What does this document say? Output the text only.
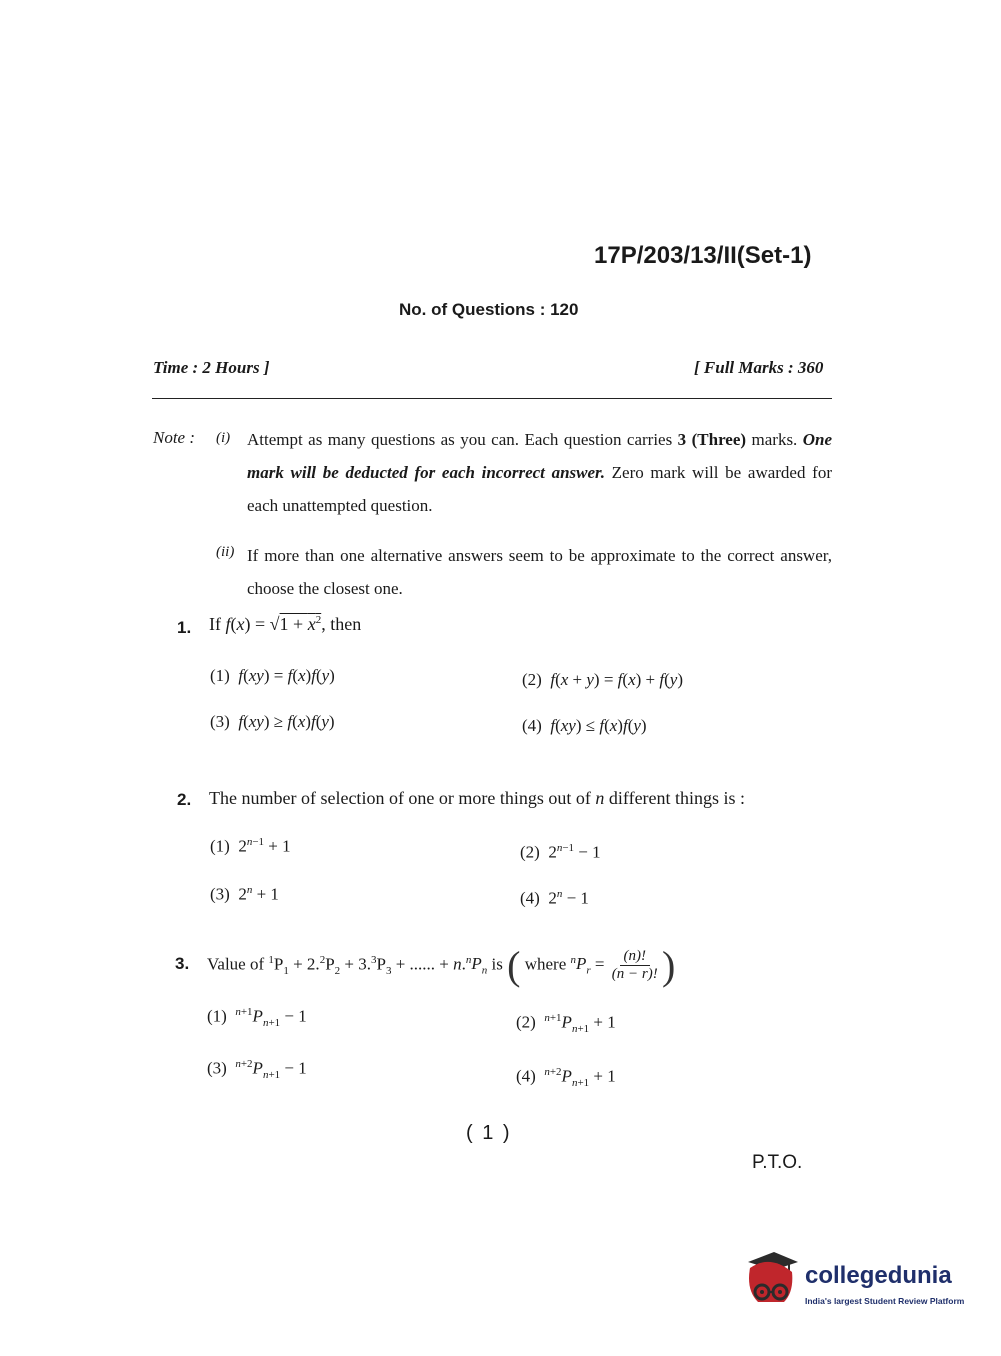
17P/203/13/II(Set-1)
No. of Questions : 120
Time : 2 Hours ]	[ Full Marks : 360
Note : (i) Attempt as many questions as you can. Each question carries 3 (Three) marks. One mark will be deducted for each incorrect answer. Zero mark will be awarded for each unattempted question.
(ii) If more than one alternative answers seem to be approximate to the correct answer, choose the closest one.
1. If $f(x) = √1 + x^2$, then
(1) f(xy) = f(x)f(y)	(2) f(x + y) = f(x) + f(y)
(3) f(xy) ≥ f(x)f(y)	(4) f(xy) ≤ f(x)f(y)
2. The number of selection of one or more things out of n different things is :
(1)  $2^{n-1} + 1$	(2)  $2^{n-1} - 1$
(3)  $2^n + 1$	(4)  $2^n - 1$
3. Value of $^1P_1 + 2.^2P_2 + 3.^3P_3$ + ...... + $n.^nP_n$ is ( where $^nP_r = \frac{(n)!}{(n - r)!}$ )
(1) $^{n+1}P_{n+1} - 1$	(2) $^{n+1}P_{n+1} + 1$
(3) $^{n+2}P_{n+1} - 1$	(4) $^{n+2}P_{n+1} + 1$
( 1 )
P.T.O.
collegedunia
India's largest Student Review Platform
